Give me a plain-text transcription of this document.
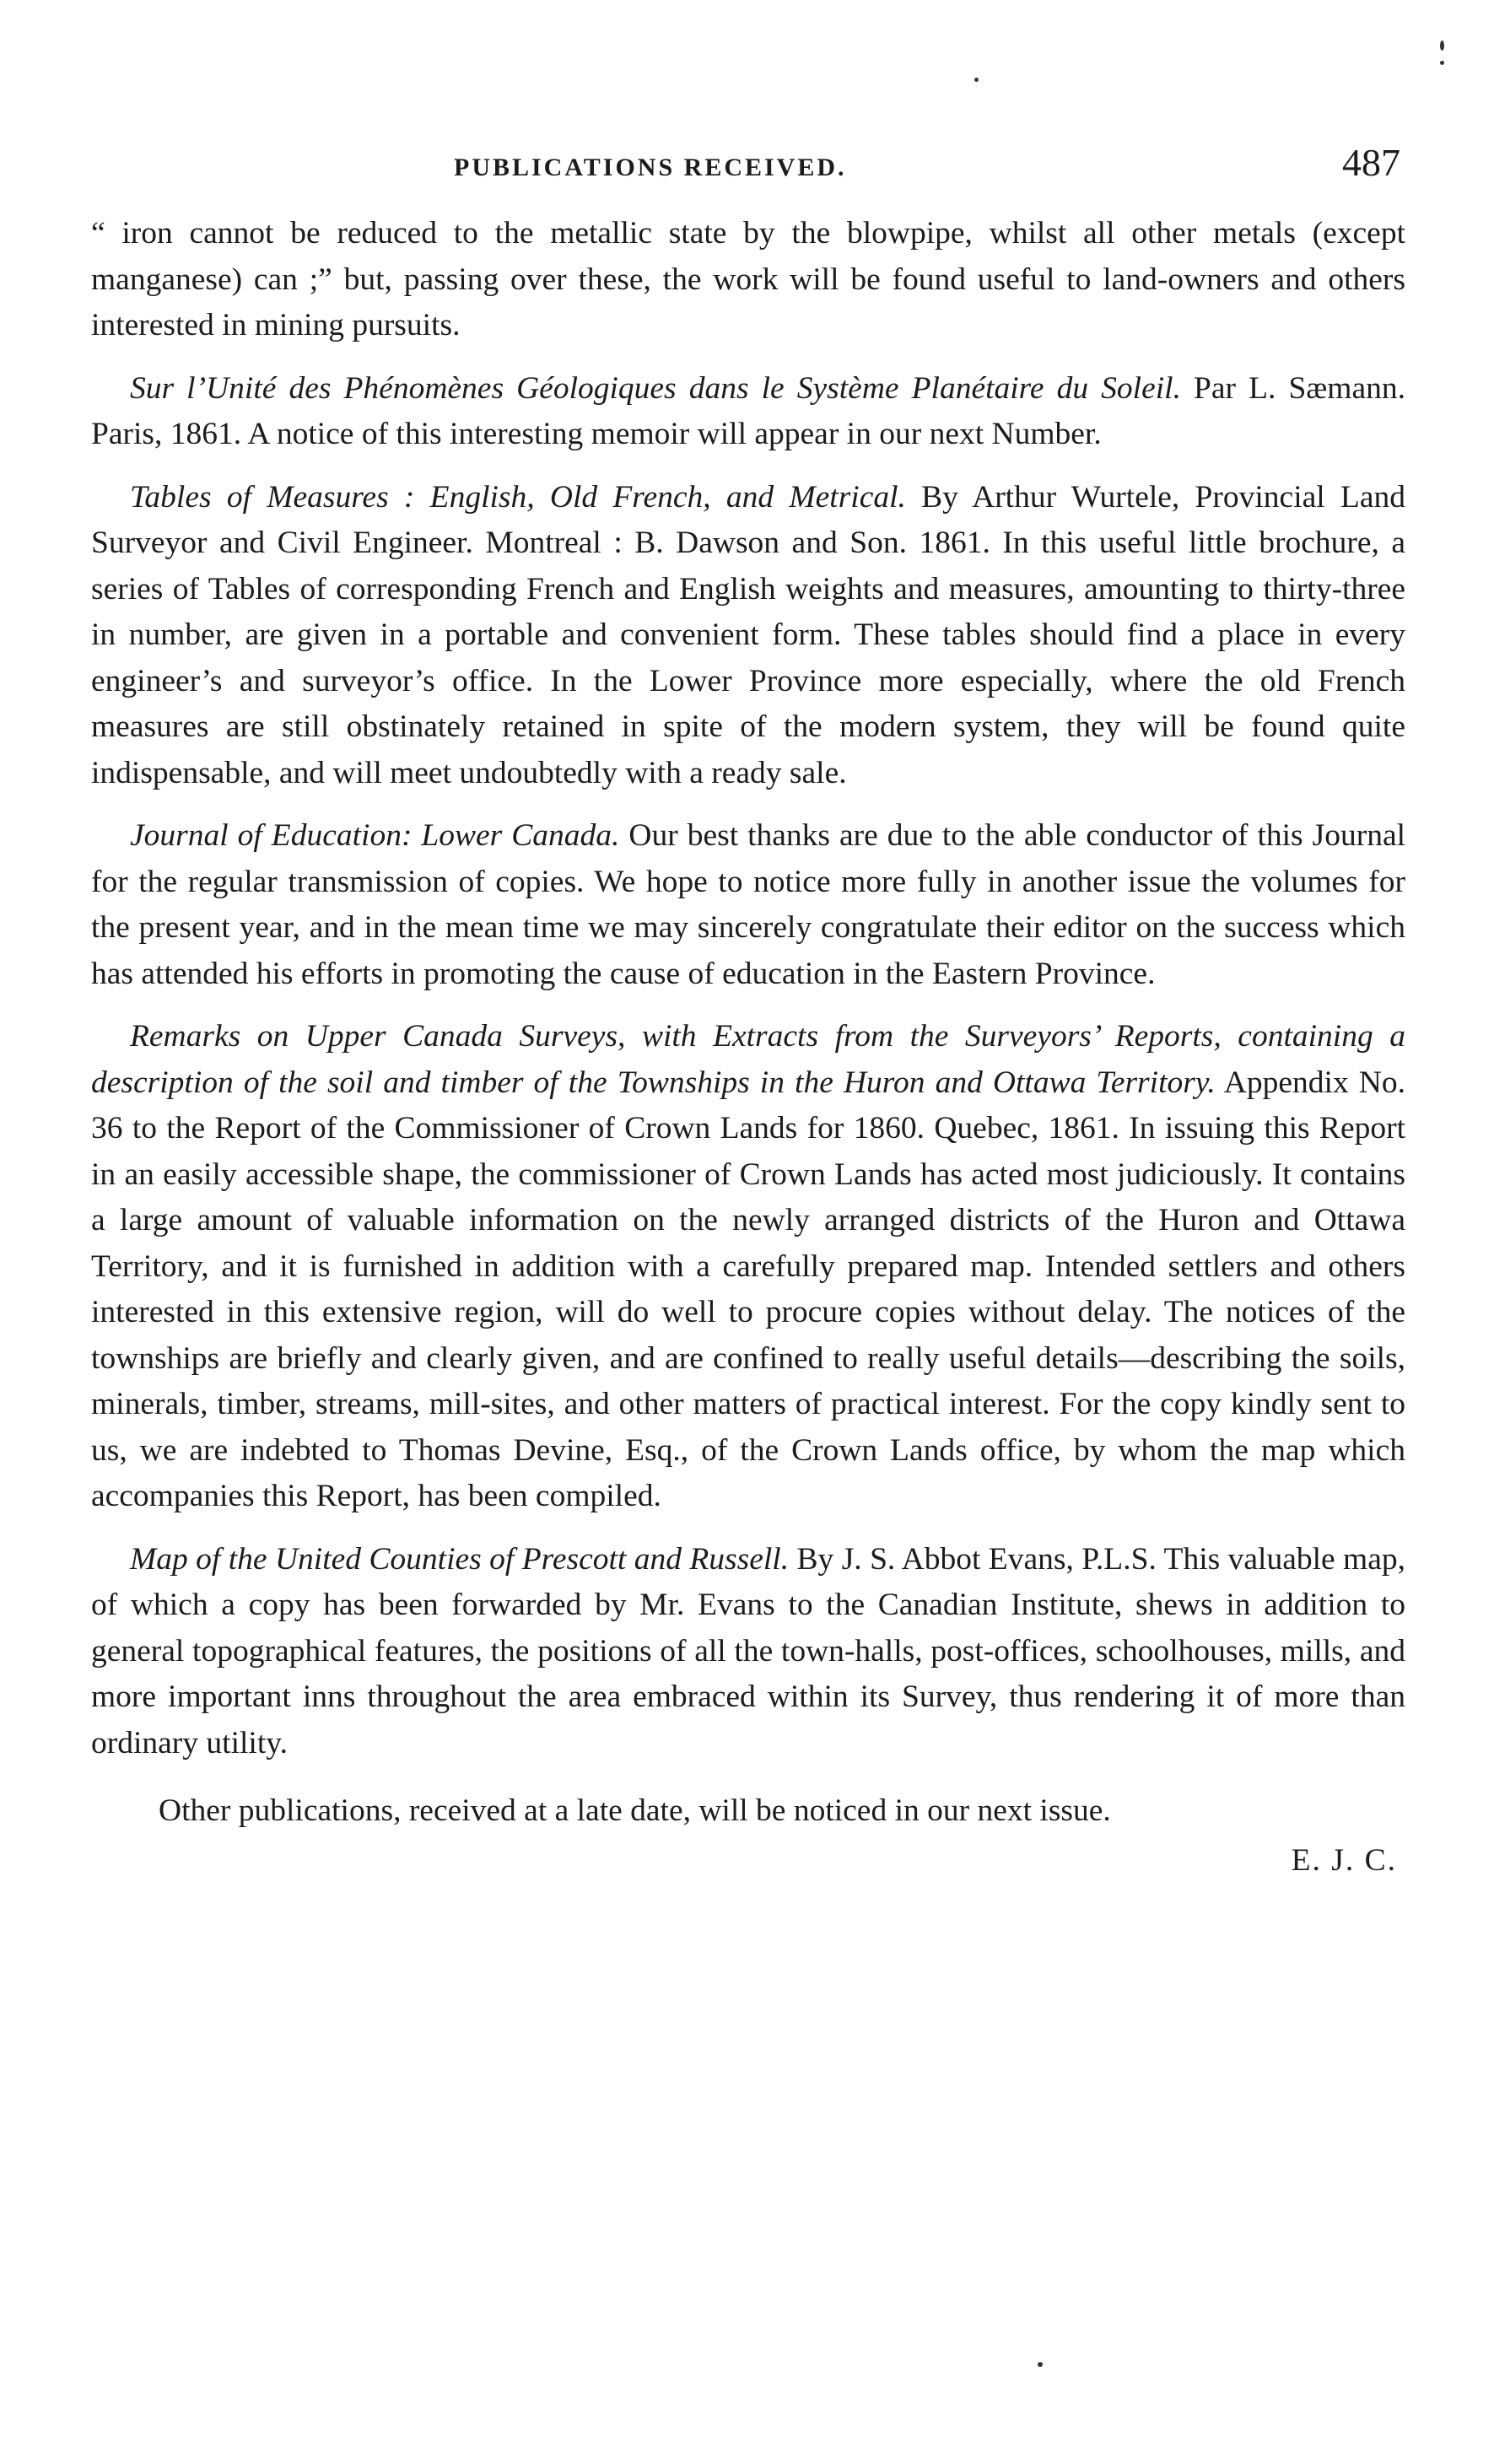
PUBLICATIONS RECEIVED.	487

“ iron cannot be reduced to the metallic state by the blowpipe, whilst all other metals (except manganese) can ;” but, passing over these, the work will be found useful to land-owners and others interested in mining pursuits.

Sur l’Unité des Phénomènes Géologiques dans le Système Planétaire du Soleil. Par L. Sæmann. Paris, 1861. A notice of this interesting memoir will appear in our next Number.

Tables of Measures : English, Old French, and Metrical. By Arthur Wurtele, Provincial Land Surveyor and Civil Engineer. Montreal : B. Dawson and Son. 1861. In this useful little brochure, a series of Tables of corresponding French and English weights and measures, amounting to thirty-three in number, are given in a portable and convenient form. These tables should find a place in every engineer’s and surveyor’s office. In the Lower Province more especially, where the old French measures are still obstinately retained in spite of the modern system, they will be found quite indispensable, and will meet undoubtedly with a ready sale.

Journal of Education: Lower Canada. Our best thanks are due to the able conductor of this Journal for the regular transmission of copies. We hope to notice more fully in another issue the volumes for the present year, and in the mean time we may sincerely congratulate their editor on the success which has attended his efforts in promoting the cause of education in the Eastern Province.

Remarks on Upper Canada Surveys, with Extracts from the Surveyors’ Reports, containing a description of the soil and timber of the Townships in the Huron and Ottawa Territory. Appendix No. 36 to the Report of the Commissioner of Crown Lands for 1860. Quebec, 1861. In issuing this Report in an easily accessible shape, the commissioner of Crown Lands has acted most judiciously. It contains a large amount of valuable information on the newly arranged districts of the Huron and Ottawa Territory, and it is furnished in addition with a carefully prepared map. Intended settlers and others interested in this extensive region, will do well to procure copies without delay. The notices of the townships are briefly and clearly given, and are confined to really useful details—describing the soils, minerals, timber, streams, mill-sites, and other matters of practical interest. For the copy kindly sent to us, we are indebted to Thomas Devine, Esq., of the Crown Lands office, by whom the map which accompanies this Report, has been compiled.

Map of the United Counties of Prescott and Russell. By J. S. Abbot Evans, P.L.S. This valuable map, of which a copy has been forwarded by Mr. Evans to the Canadian Institute, shews in addition to general topographical features, the positions of all the town-halls, post-offices, schoolhouses, mills, and more important inns throughout the area embraced within its Survey, thus rendering it of more than ordinary utility.

Other publications, received at a late date, will be noticed in our next issue.

E. J. C.
